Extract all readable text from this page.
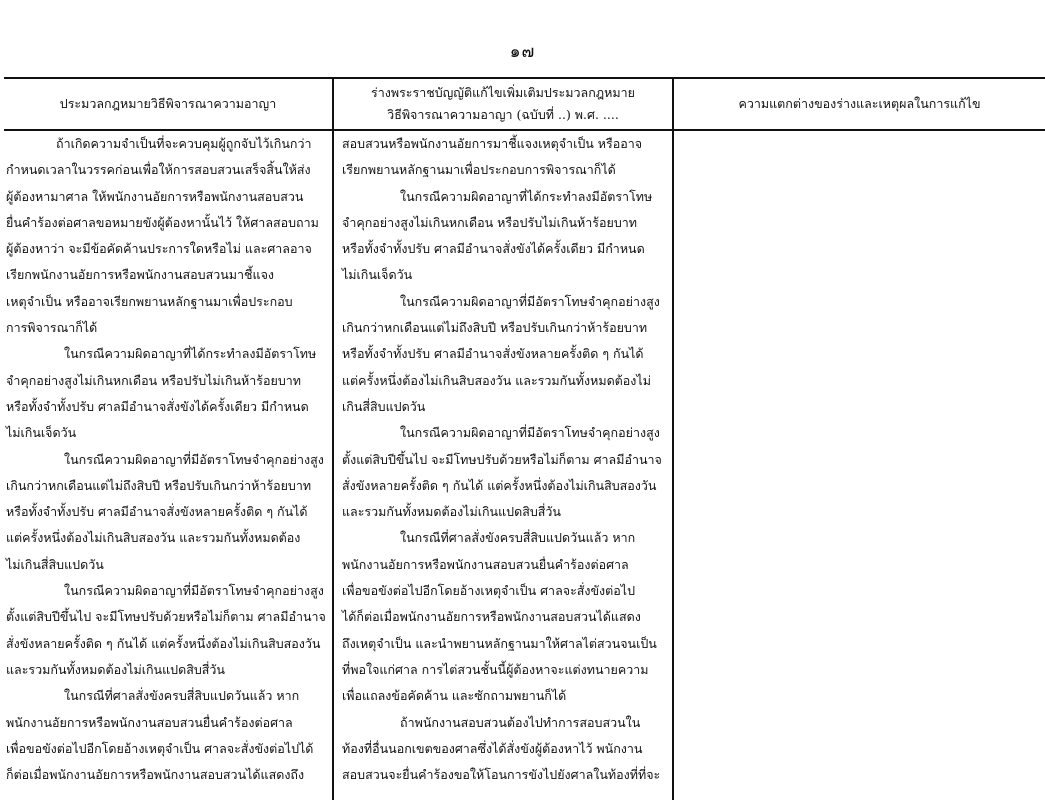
๑๗
ประมวลกฎหมายวิธีพิจารณาความอาญา
ร่างพระราชบัญญัติแก้ไขเพิ่มเติมประมวลกฎหมาย
วิธีพิจารณาความอาญา (ฉบับที่ ..) พ.ศ. ....
ความแตกต่างของร่างและเหตุผลในการแก้ไข
ถ้าเกิดความจำเป็นที่จะควบคุมผู้ถูกจับไว้เกินกว่า
กำหนดเวลาในวรรคก่อนเพื่อให้การสอบสวนเสร็จสิ้นให้ส่ง
ผู้ต้องหามาศาล ให้พนักงานอัยการหรือพนักงานสอบสวน
ยื่นคำร้องต่อศาลขอหมายขังผู้ต้องหานั้นไว้ ให้ศาลสอบถาม
ผู้ต้องหาว่า จะมีข้อคัดค้านประการใดหรือไม่ และศาลอาจ
เรียกพนักงานอัยการหรือพนักงานสอบสวนมาชี้แจง
เหตุจำเป็น หรืออาจเรียกพยานหลักฐานมาเพื่อประกอบ
การพิจารณาก็ได้
ในกรณีความผิดอาญาที่ได้กระทำลงมีอัตราโทษ
จำคุกอย่างสูงไม่เกินหกเดือน หรือปรับไม่เกินห้าร้อยบาท
หรือทั้งจำทั้งปรับ ศาลมีอำนาจสั่งขังได้ครั้งเดียว มีกำหนด
ไม่เกินเจ็ดวัน
ในกรณีความผิดอาญาที่มีอัตราโทษจำคุกอย่างสูง
เกินกว่าหกเดือนแต่ไม่ถึงสิบปี หรือปรับเกินกว่าห้าร้อยบาท
หรือทั้งจำทั้งปรับ ศาลมีอำนาจสั่งขังหลายครั้งติด ๆ กันได้
แต่ครั้งหนึ่งต้องไม่เกินสิบสองวัน และรวมกันทั้งหมดต้อง
ไม่เกินสี่สิบแปดวัน
ในกรณีความผิดอาญาที่มีอัตราโทษจำคุกอย่างสูง
ตั้งแต่สิบปีขึ้นไป จะมีโทษปรับด้วยหรือไม่ก็ตาม ศาลมีอำนาจ
สั่งขังหลายครั้งติด ๆ กันได้ แต่ครั้งหนึ่งต้องไม่เกินสิบสองวัน
และรวมกันทั้งหมดต้องไม่เกินแปดสิบสี่วัน
ในกรณีที่ศาลสั่งขังครบสี่สิบแปดวันแล้ว หาก
พนักงานอัยการหรือพนักงานสอบสวนยื่นคำร้องต่อศาล
เพื่อขอขังต่อไปอีกโดยอ้างเหตุจำเป็น ศาลจะสั่งขังต่อไปได้
ก็ต่อเมื่อพนักงานอัยการหรือพนักงานสอบสวนได้แสดงถึง
สอบสวนหรือพนักงานอัยการมาชี้แจงเหตุจำเป็น หรืออาจ
เรียกพยานหลักฐานมาเพื่อประกอบการพิจารณาก็ได้
ในกรณีความผิดอาญาที่ได้กระทำลงมีอัตราโทษ
จำคุกอย่างสูงไม่เกินหกเดือน หรือปรับไม่เกินห้าร้อยบาท
หรือทั้งจำทั้งปรับ ศาลมีอำนาจสั่งขังได้ครั้งเดียว มีกำหนด
ไม่เกินเจ็ดวัน
ในกรณีความผิดอาญาที่มีอัตราโทษจำคุกอย่างสูง
เกินกว่าหกเดือนแต่ไม่ถึงสิบปี หรือปรับเกินกว่าห้าร้อยบาท
หรือทั้งจำทั้งปรับ ศาลมีอำนาจสั่งขังหลายครั้งติด ๆ กันได้
แต่ครั้งหนึ่งต้องไม่เกินสิบสองวัน และรวมกันทั้งหมดต้องไม่
เกินสี่สิบแปดวัน
ในกรณีความผิดอาญาที่มีอัตราโทษจำคุกอย่างสูง
ตั้งแต่สิบปีขึ้นไป จะมีโทษปรับด้วยหรือไม่ก็ตาม ศาลมีอำนาจ
สั่งขังหลายครั้งติด ๆ กันได้ แต่ครั้งหนึ่งต้องไม่เกินสิบสองวัน
และรวมกันทั้งหมดต้องไม่เกินแปดสิบสี่วัน
ในกรณีที่ศาลสั่งขังครบสี่สิบแปดวันแล้ว หาก
พนักงานอัยการหรือพนักงานสอบสวนยื่นคำร้องต่อศาล
เพื่อขอขังต่อไปอีกโดยอ้างเหตุจำเป็น ศาลจะสั่งขังต่อไป
ได้ก็ต่อเมื่อพนักงานอัยการหรือพนักงานสอบสวนได้แสดง
ถึงเหตุจำเป็น และนำพยานหลักฐานมาให้ศาลไต่สวนจนเป็น
ที่พอใจแก่ศาล การไต่สวนชั้นนี้ผู้ต้องหาจะแต่งทนายความ
เพื่อแถลงข้อคัดค้าน และซักถามพยานก็ได้
ถ้าพนักงานสอบสวนต้องไปทำการสอบสวนใน
ท้องที่อื่นนอกเขตของศาลซึ่งได้สั่งขังผู้ต้องหาไว้ พนักงาน
สอบสวนจะยื่นคำร้องขอให้โอนการขังไปยังศาลในท้องที่ที่จะ
